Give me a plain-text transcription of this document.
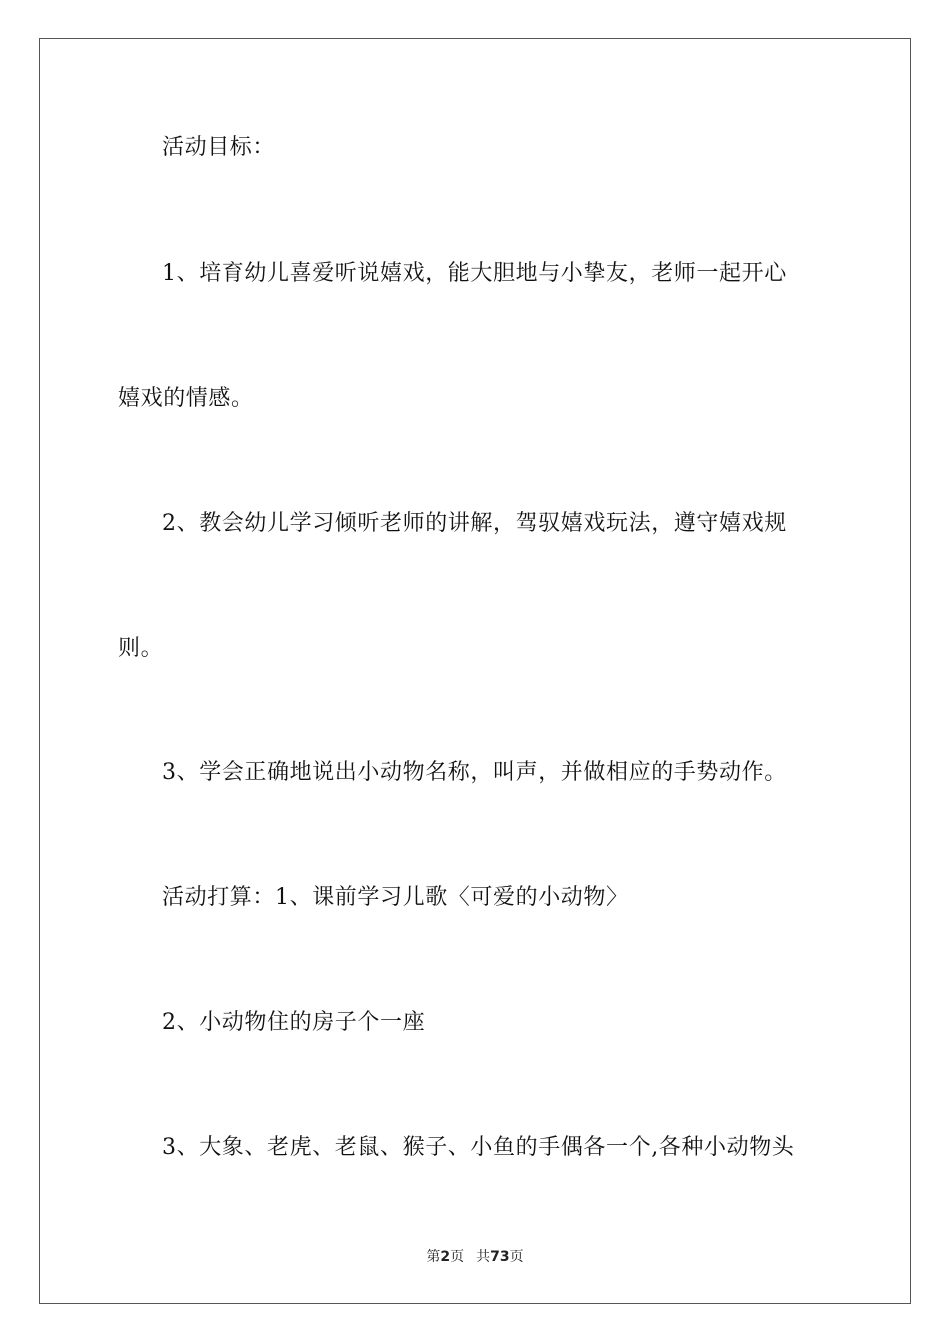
活动目标：
1、培育幼儿喜爱听说嬉戏，能大胆地与小挚友，老师一起开心
嬉戏的情感。
2、教会幼儿学习倾听老师的讲解，驾驭嬉戏玩法，遵守嬉戏规
则。
3、学会正确地说出小动物名称，叫声，并做相应的手势动作。
活动打算：1、课前学习儿歌〈可爱的小动物〉
2、小动物住的房子个一座
3、大象、老虎、老鼠、猴子、小鱼的手偶各一个,各种小动物头
第2页 共73页
